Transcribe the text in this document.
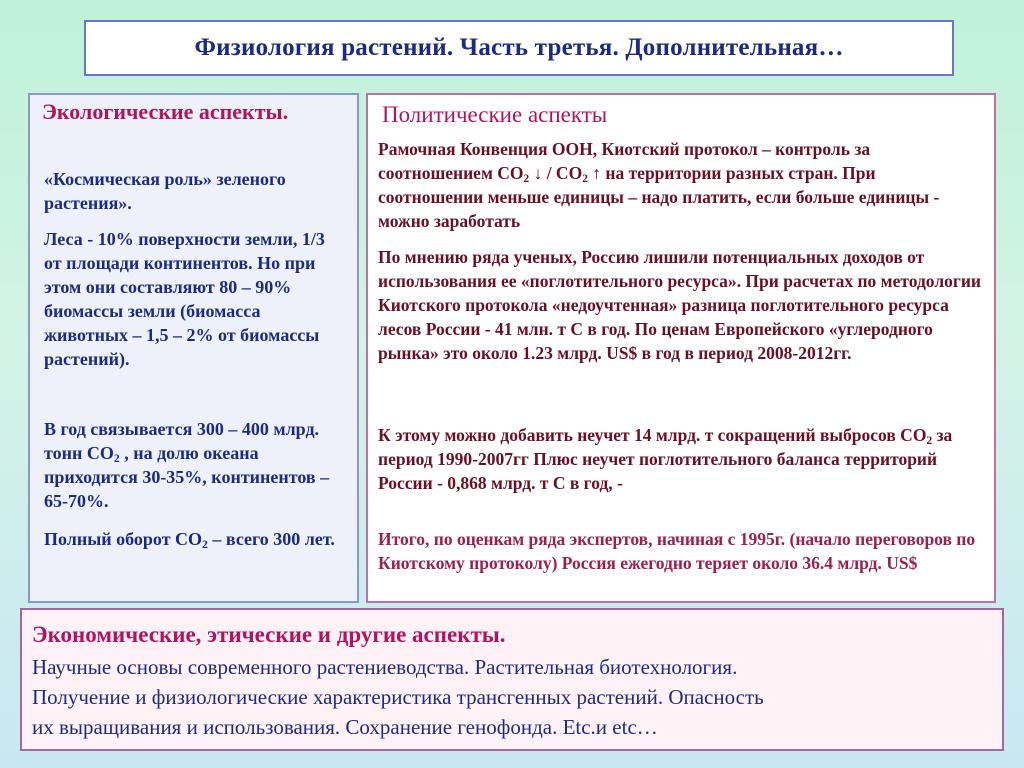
Физиология растений. Часть третья. Дополнительная…
Экологические аспекты.

«Космическая роль» зеленого растения».

Леса - 10% поверхности земли, 1/3 от площади континентов. Но при этом они составляют 80 – 90% биомассы земли (биомасса животных – 1,5 – 2% от биомассы растений).

В год связывается 300 – 400 млрд. тонн $CO_2$ , на долю океана приходится 30-35%, континентов – 65-70%.

Полный оборот $CO_2$ – всего 300 лет.

Политические аспекты

Рамочная Конвенция ООН, Киотский протокол – контроль за соотношением $CO_2$ ↓ / $CO_2$ ↑ на территории разных стран. При соотношении меньше единицы – надо платить, если больше единицы - можно заработать

По мнению ряда ученых, Россию лишили потенциальных доходов от использования ее «поглотительного ресурса». При расчетах по методологии Киотского протокола «недоучтенная» разница поглотительного ресурса лесов России - 41 млн. т С в год. По ценам Европейского «углеродного рынка» это около 1.23 млрд. US$ в год в период 2008-2012гг.

К этому можно добавить неучет 14 млрд. т сокращений выбросов $CO_2$ за период 1990-2007гг Плюс неучет поглотительного баланса территорий России - 0,868 млрд. т С в год, -

Итого, по оценкам ряда экспертов, начиная с 1995г. (начало переговоров по Киотскому протоколу) Россия ежегодно теряет около 36.4 млрд. US$

Экономические, этические и другие аспекты.

Научные основы современного растениеводства. Растительная биотехнология.
Получение и физиологические характеристика трансгенных растений. Опасность
их выращивания и использования. Сохранение генофонда. Etc.и etc…
